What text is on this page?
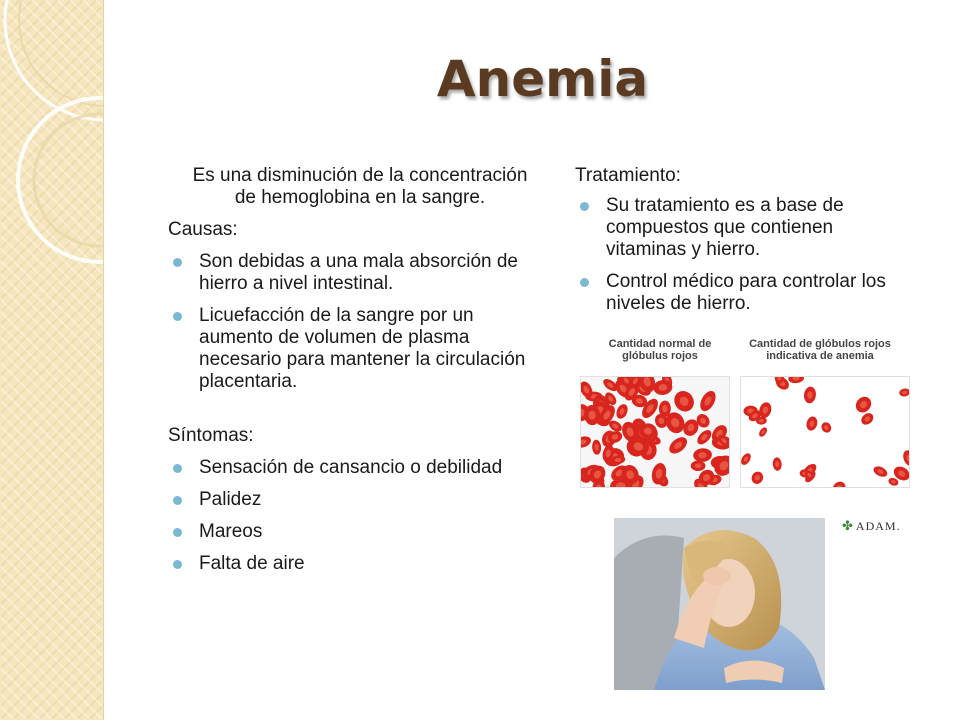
Anemia

Es una disminución de la concentración de hemoglobina en la sangre.

Causas:

Son debidas a una mala absorción de hierro a nivel intestinal.
Licuefacción de la sangre por un aumento de volumen de plasma necesario para mantener la circulación placentaria.

Síntomas:

Sensación de cansancio o debilidad
Palidez
Mareos
Falta de aire

Tratamiento:

Su tratamiento es a base de compuestos que contienen vitaminas y hierro.
Control médico para controlar los niveles de hierro.
Cantidad normal de glóbulus rojos
Cantidad de glóbulos rojos indicativa de anemia
✤ ADAM.
